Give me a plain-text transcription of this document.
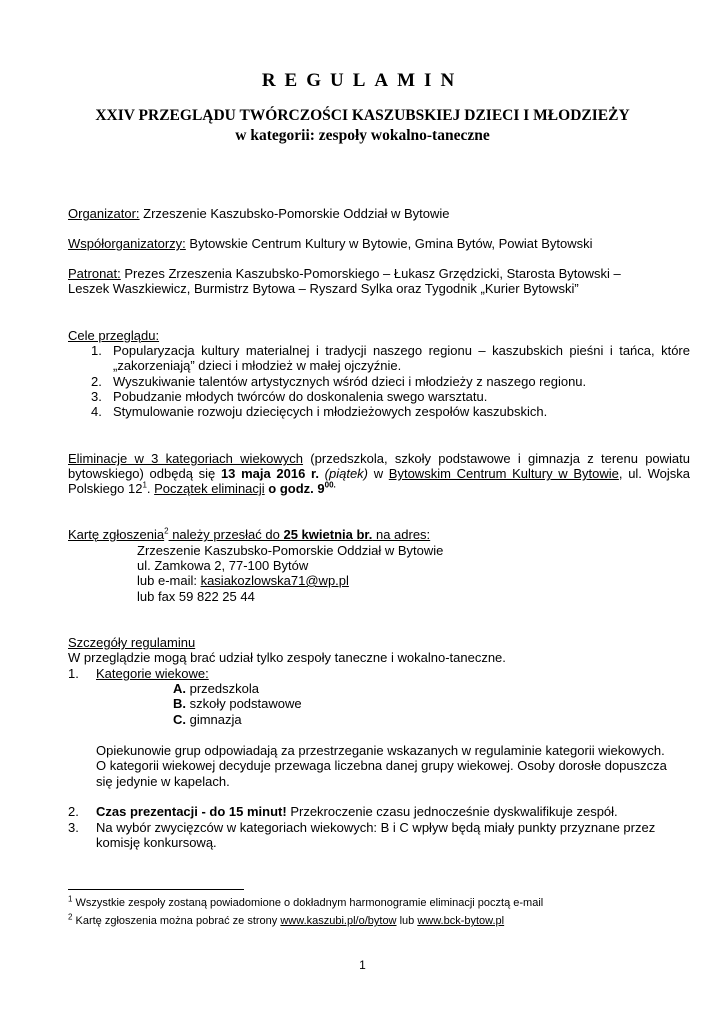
REGULAMIN
XXIV PRZEGLĄDU TWÓRCZOŚCI KASZUBSKIEJ DZIECI I MŁODZIEŻY
w kategorii: zespoły wokalno-taneczne
Organizator: Zrzeszenie Kaszubsko-Pomorskie Oddział w Bytowie
Współorganizatorzy: Bytowskie Centrum Kultury w Bytowie, Gmina Bytów, Powiat Bytowski
Patronat: Prezes Zrzeszenia Kaszubsko-Pomorskiego – Łukasz Grzędzicki, Starosta Bytowski –
Leszek Waszkiewicz, Burmistrz Bytowa – Ryszard Sylka oraz Tygodnik „Kurier Bytowski”
Cele przeglądu:
1. Popularyzacja kultury materialnej i tradycji naszego regionu – kaszubskich pieśni i tańca, które
„zakorzeniają” dzieci i młodzież w małej ojczyźnie.
2. Wyszukiwanie talentów artystycznych wśród dzieci i młodzieży z naszego regionu.
3. Pobudzanie młodych twórców do doskonalenia swego warsztatu.
4. Stymulowanie rozwoju dziecięcych i młodzieżowych zespołów kaszubskich.
Eliminacje w 3 kategoriach wiekowych (przedszkola, szkoły podstawowe i gimnazja z terenu powiatu
bytowskiego) odbędą się 13 maja 2016 r. (piątek) w Bytowskim Centrum Kultury w Bytowie, ul. Wojska
Polskiego $12^1$. Początek eliminacji o godz. $9^{00.}$
Kartę zgłoszenia$^2$ należy przesłać do 25 kwietnia br. na adres:
Zrzeszenie Kaszubsko-Pomorskie Oddział w Bytowie
ul. Zamkowa 2, 77-100 Bytów
lub e-mail: kasiakozlowska71@wp.pl
lub fax 59 822 25 44
Szczegóły regulaminu
W przeglądzie mogą brać udział tylko zespoły taneczne i wokalno-taneczne.
1. Kategorie wiekowe:
A. przedszkola
B. szkoły podstawowe
C. gimnazja
Opiekunowie grup odpowiadają za przestrzeganie wskazanych w regulaminie kategorii wiekowych.
O kategorii wiekowej decyduje przewaga liczebna danej grupy wiekowej. Osoby dorosłe dopuszcza
się jedynie w kapelach.
2. Czas prezentacji - do 15 minut! Przekroczenie czasu jednocześnie dyskwalifikuje zespół.
3. Na wybór zwycięzców w kategoriach wiekowych: B i C wpływ będą miały punkty przyznane przez
komisję konkursową.
$^1$ Wszystkie zespoły zostaną powiadomione o dokładnym harmonogramie eliminacji pocztą e-mail
$^2$ Kartę zgłoszenia można pobrać ze strony www.kaszubi.pl/o/bytow lub www.bck-bytow.pl
1
